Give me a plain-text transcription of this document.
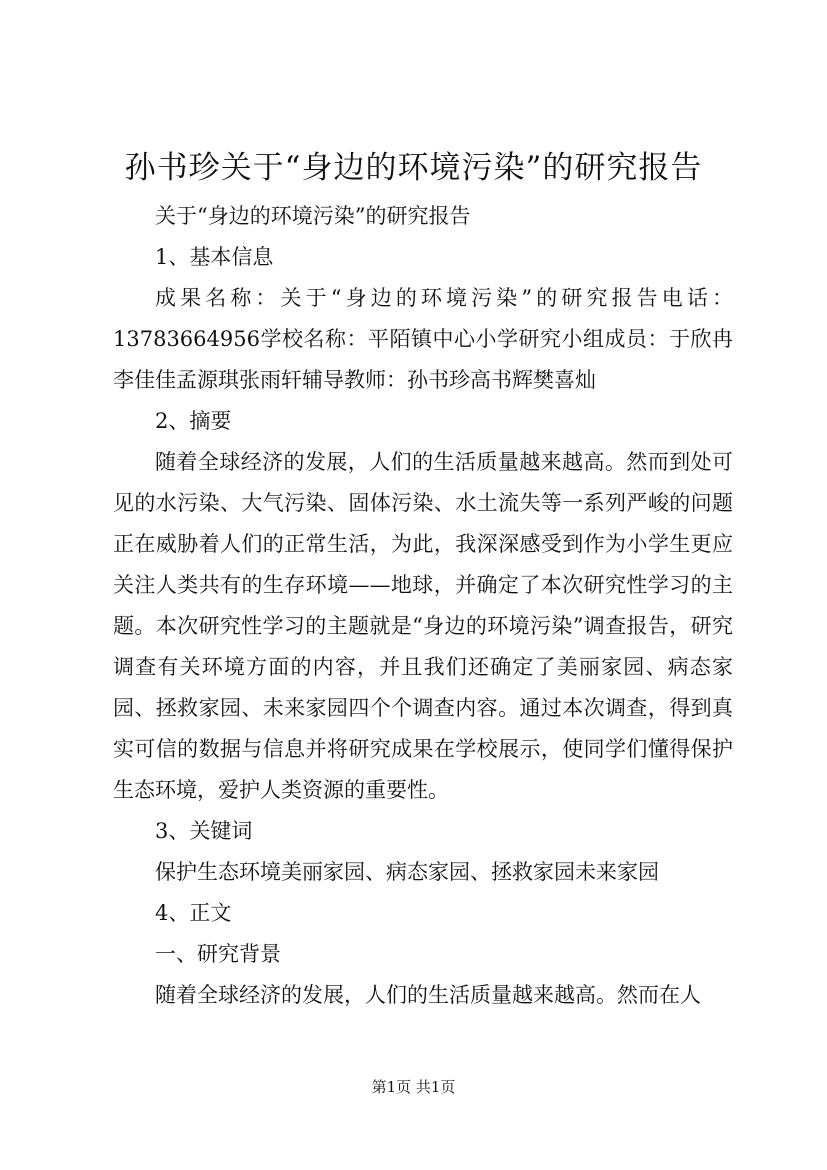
孙书珍关于“身边的环境污染”的研究报告

关于“身边的环境污染”的研究报告

1、基本信息

成果名称：关于“身边的环境污染”的研究报告电话：13783664956学校名称：平陌镇中心小学研究小组成员：于欣冉李佳佳孟源琪张雨轩辅导教师：孙书珍高书辉樊喜灿

2、摘要

随着全球经济的发展，人们的生活质量越来越高。然而到处可见的水污染、大气污染、固体污染、水土流失等一系列严峻的问题正在威胁着人们的正常生活，为此，我深深感受到作为小学生更应关注人类共有的生存环境——地球，并确定了本次研究性学习的主题。本次研究性学习的主题就是“身边的环境污染”调查报告，研究调查有关环境方面的内容，并且我们还确定了美丽家园、病态家园、拯救家园、未来家园四个个调查内容。通过本次调查，得到真实可信的数据与信息并将研究成果在学校展示，使同学们懂得保护生态环境，爱护人类资源的重要性。

3、关键词

保护生态环境美丽家园、病态家园、拯救家园未来家园

4、正文

一、研究背景

随着全球经济的发展，人们的生活质量越来越高。然而在人

第1页 共1页
